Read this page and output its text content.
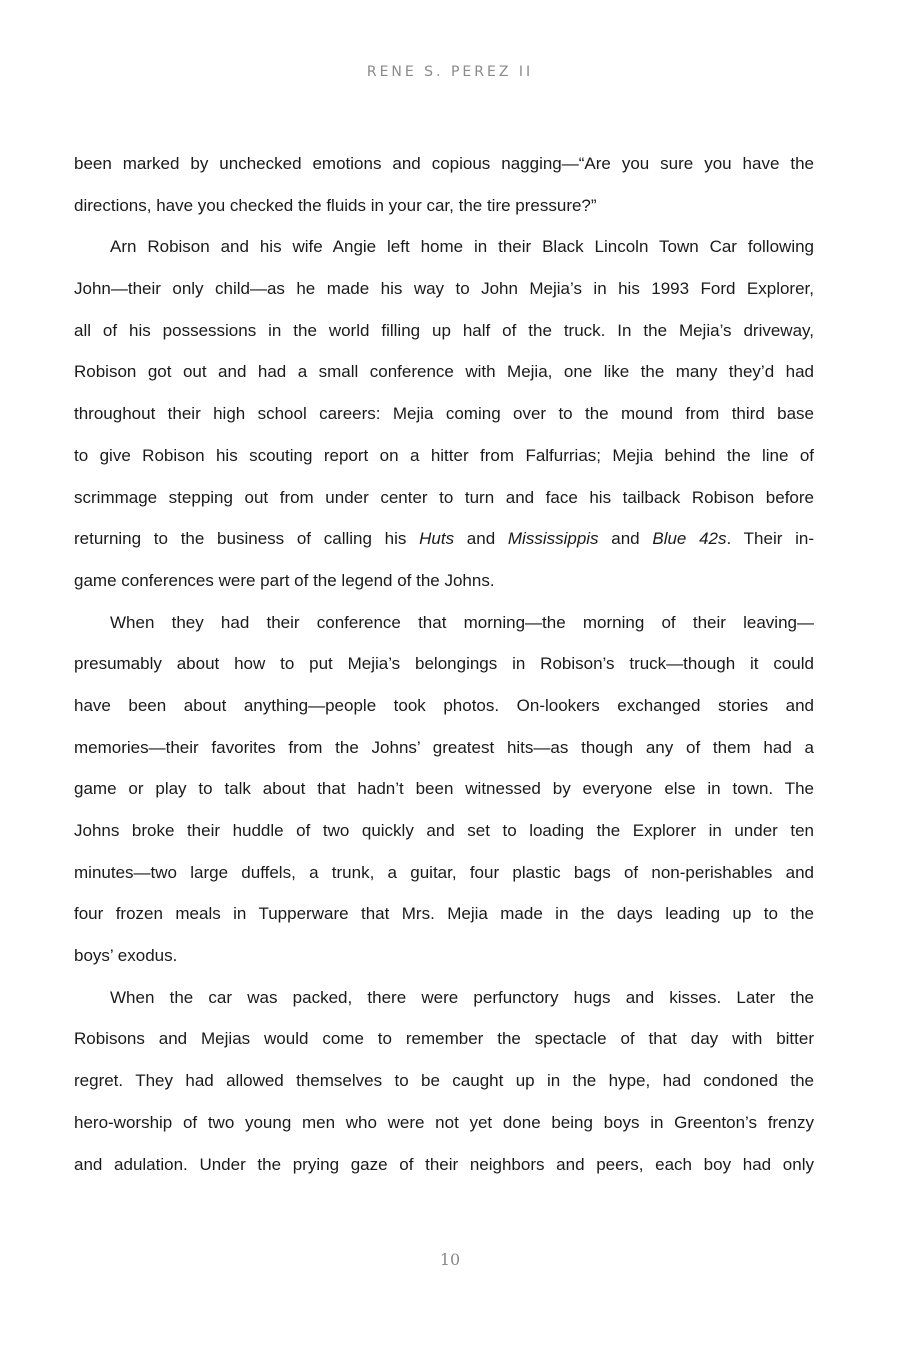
RENE S. PEREZ II
been marked by unchecked emotions and copious nagging—“Are you sure you have the
directions, have you checked the fluids in your car, the tire pressure?”
Arn Robison and his wife Angie left home in their Black Lincoln Town Car following
John—their only child—as he made his way to John Mejia’s in his 1993 Ford Explorer,
all of his possessions in the world filling up half of the truck. In the Mejia’s driveway,
Robison got out and had a small conference with Mejia, one like the many they’d had
throughout their high school careers: Mejia coming over to the mound from third base
to give Robison his scouting report on a hitter from Falfurrias; Mejia behind the line of
scrimmage stepping out from under center to turn and face his tailback Robison before
returning to the business of calling his Huts and Mississippis and Blue 42s. Their in-
game conferences were part of the legend of the Johns.
When they had their conference that morning—the morning of their leaving—
presumably about how to put Mejia’s belongings in Robison’s truck—though it could
have been about anything—people took photos. On-lookers exchanged stories and
memories—their favorites from the Johns’ greatest hits—as though any of them had a
game or play to talk about that hadn’t been witnessed by everyone else in town. The
Johns broke their huddle of two quickly and set to loading the Explorer in under ten
minutes—two large duffels, a trunk, a guitar, four plastic bags of non-perishables and
four frozen meals in Tupperware that Mrs. Mejia made in the days leading up to the
boys’ exodus.
When the car was packed, there were perfunctory hugs and kisses. Later the
Robisons and Mejias would come to remember the spectacle of that day with bitter
regret. They had allowed themselves to be caught up in the hype, had condoned the
hero-worship of two young men who were not yet done being boys in Greenton’s frenzy
and adulation. Under the prying gaze of their neighbors and peers, each boy had only
10
